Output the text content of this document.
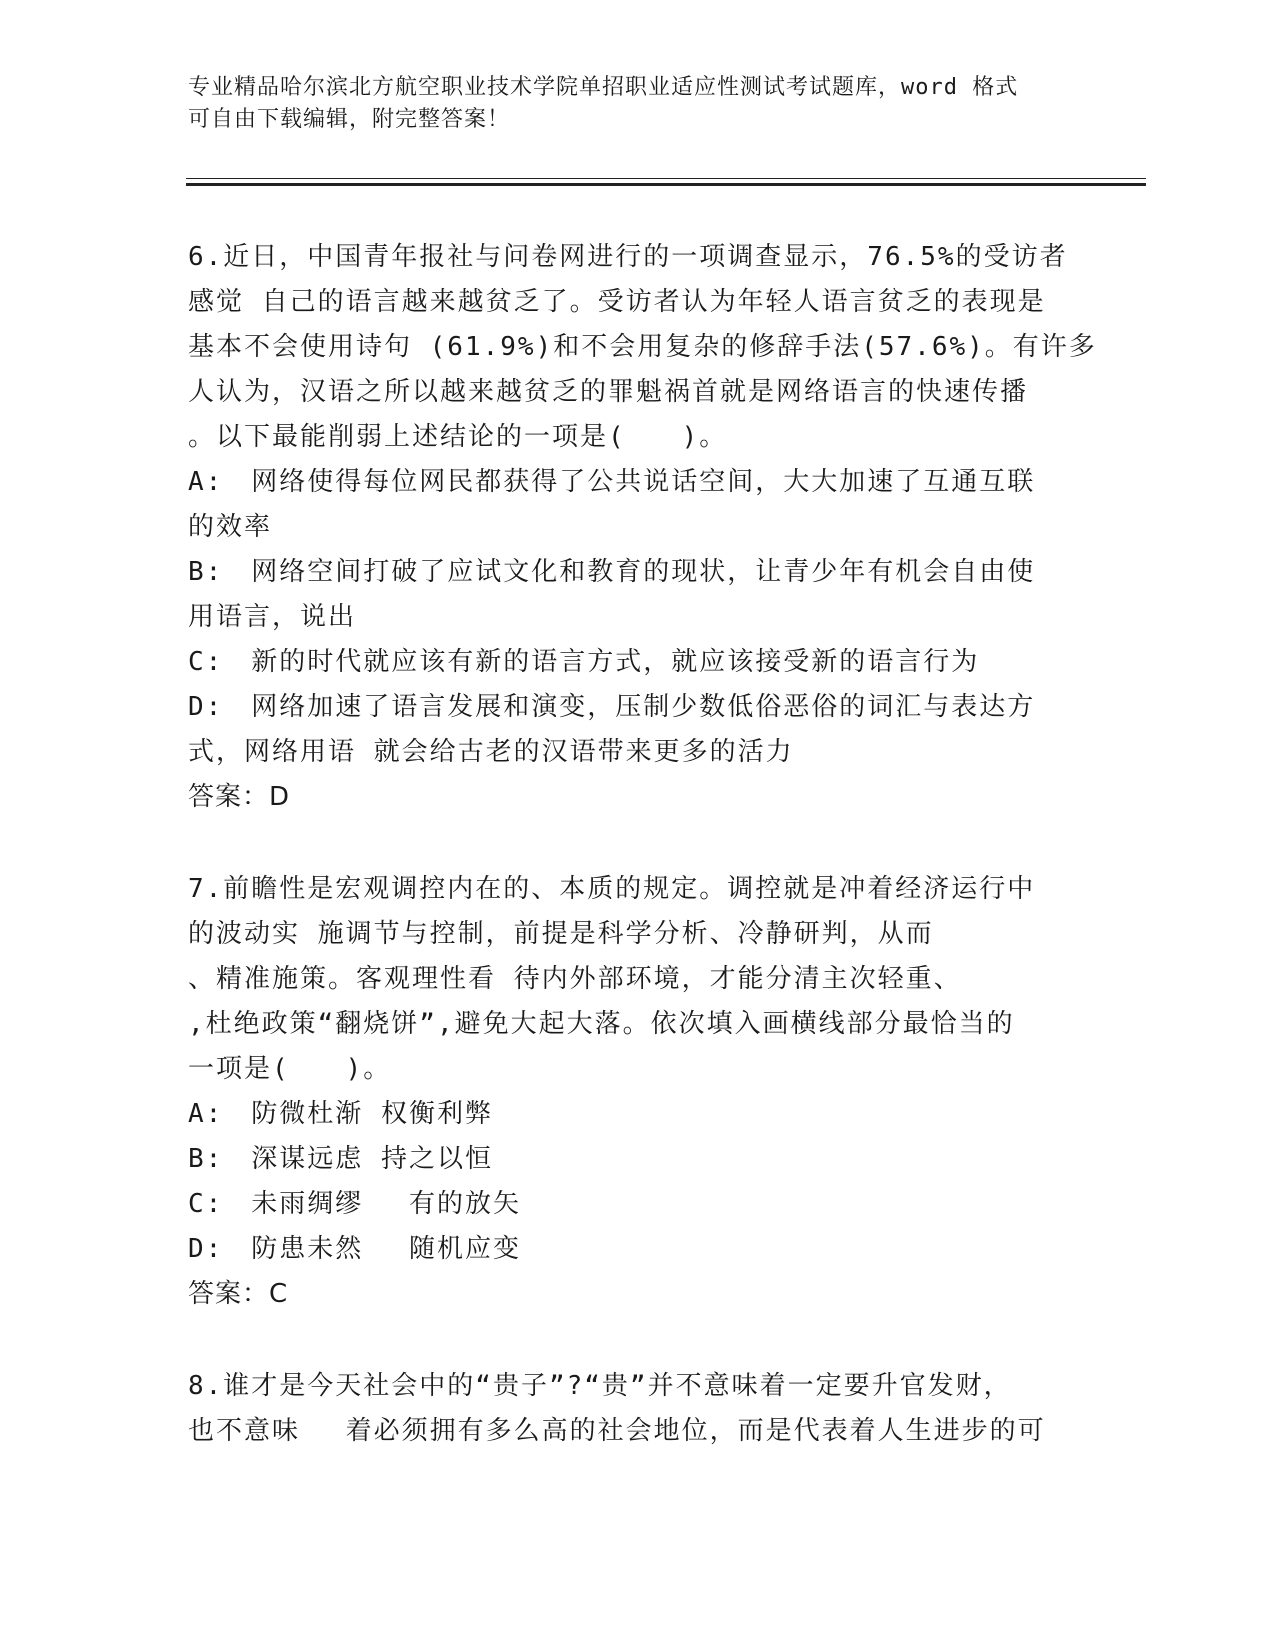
专业精品哈尔滨北方航空职业技术学院单招职业适应性测试考试题库，word 格式
可自由下载编辑，附完整答案！
6.近日，中国青年报社与问卷网进行的一项调查显示，76.5%的受访者
感觉 自己的语言越来越贫乏了。受访者认为年轻人语言贫乏的表现是
基本不会使用诗句 (61.9%)和不会用复杂的修辞手法(57.6%)。有许多
人认为，汉语之所以越来越贫乏的罪魁祸首就是网络语言的快速传播
。以下最能削弱上述结论的一项是(　　)。
A:　网络使得每位网民都获得了公共说话空间，大大加速了互通互联
的效率
B:　网络空间打破了应试文化和教育的现状，让青少年有机会自由使
用语言，说出
C:　新的时代就应该有新的语言方式，就应该接受新的语言行为
D:　网络加速了语言发展和演变，压制少数低俗恶俗的词汇与表达方
式，网络用语 就会给古老的汉语带来更多的活力
答案：D
7.前瞻性是宏观调控内在的、本质的规定。调控就是冲着经济运行中
的波动实 施调节与控制，前提是科学分析、冷静研判，从而
、精准施策。客观理性看 待内外部环境，才能分清主次轻重、
,杜绝政策“翻烧饼”,避免大起大落。依次填入画横线部分最恰当的
一项是(　　)。
A:　防微杜渐 权衡利弊
B:　深谋远虑 持之以恒
C:　未雨绸缪　 有的放矢
D:　防患未然　 随机应变
答案：C
8.谁才是今天社会中的“贵子”?“贵”并不意味着一定要升官发财，
也不意味　 着必须拥有多么高的社会地位，而是代表着人生进步的可
